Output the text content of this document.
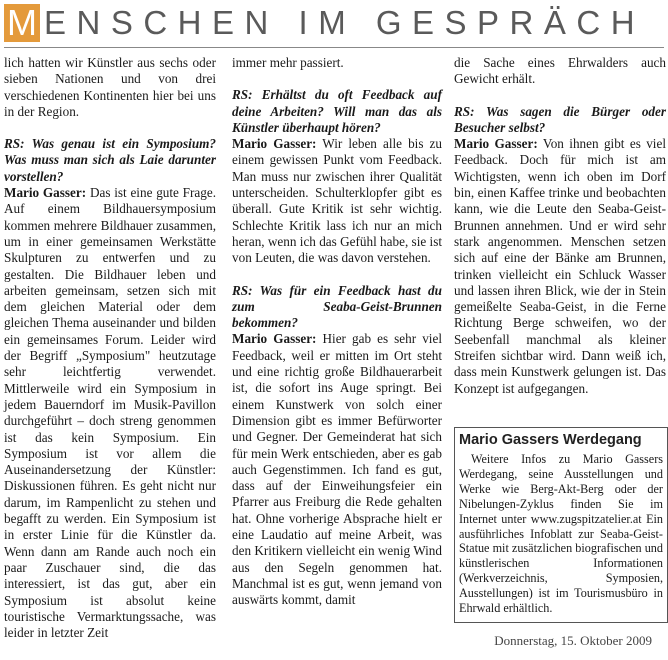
M ENSCHEN IM GESPRÄCH

lich hatten wir Künstler aus sechs oder sieben Nationen und von drei verschiedenen Kontinenten hier bei uns in der Region.

RS: Was genau ist ein Symposium? Was muss man sich als Laie darunter vorstellen?

Mario Gasser: Das ist eine gute Frage. Auf einem Bildhauersymposium kommen mehrere Bildhauer zusammen, um in einer gemeinsamen Werkstätte Skulpturen zu entwerfen und zu gestalten. Die Bildhauer leben und arbeiten gemeinsam, setzen sich mit dem gleichen Material oder dem gleichen Thema auseinander und bilden ein gemeinsames Forum. Leider wird der Begriff „Symposium" heutzutage sehr leichtfertig verwendet. Mittlerweile wird ein Symposium in jedem Bauerndorf im Musik-Pavillon durchgeführt – doch streng genommen ist das kein Symposium. Ein Symposium ist vor allem die Auseinandersetzung der Künstler: Diskussionen führen. Es geht nicht nur darum, im Rampenlicht zu stehen und begafft zu werden. Ein Symposium ist in erster Linie für die Künstler da. Wenn dann am Rande auch noch ein paar Zuschauer sind, die das interessiert, ist das gut, aber ein Symposium ist absolut keine touristische Vermarktungssache, was leider in letzter Zeit

immer mehr passiert.

RS: Erhältst du oft Feedback auf deine Arbeiten? Will man das als Künstler überhaupt hören?

Mario Gasser: Wir leben alle bis zu einem gewissen Punkt vom Feedback. Man muss nur zwischen ihrer Qualität unterscheiden. Schulterklopfer gibt es überall. Gute Kritik ist sehr wichtig. Schlechte Kritik lass ich nur an mich heran, wenn ich das Gefühl habe, sie ist von Leuten, die was davon verstehen.

RS: Was für ein Feedback hast du zum Seaba-Geist-Brunnen bekommen?

Mario Gasser: Hier gab es sehr viel Feedback, weil er mitten im Ort steht und eine richtig große Bildhauerarbeit ist, die sofort ins Auge springt. Bei einem Kunstwerk von solch einer Dimension gibt es immer Befürworter und Gegner. Der Gemeinderat hat sich für mein Werk entschieden, aber es gab auch Gegenstimmen. Ich fand es gut, dass auf der Einweihungsfeier ein Pfarrer aus Freiburg die Rede gehalten hat. Ohne vorherige Absprache hielt er eine Laudatio auf meine Arbeit, was den Kritikern vielleicht ein wenig Wind aus den Segeln genommen hat. Manchmal ist es gut, wenn jemand von auswärts kommt, damit

die Sache eines Ehrwalders auch Gewicht erhält.

RS: Was sagen die Bürger oder Besucher selbst?

Mario Gasser: Von ihnen gibt es viel Feedback. Doch für mich ist am Wichtigsten, wenn ich oben im Dorf bin, einen Kaffee trinke und beobachten kann, wie die Leute den Seaba-Geist-Brunnen annehmen. Und er wird sehr stark angenommen. Menschen setzen sich auf eine der Bänke am Brunnen, trinken vielleicht ein Schluck Wasser und lassen ihren Blick, wie der in Stein gemeißelte Seaba-Geist, in die Ferne Richtung Berge schweifen, wo der Seebenfall manchmal als kleiner Streifen sichtbar wird. Dann weiß ich, dass mein Kunstwerk gelungen ist. Das Konzept ist aufgegangen.

Mario Gassers Werdegang

Weitere Infos zu Mario Gassers Werdegang, seine Ausstellungen und Werke wie Berg-Akt-Berg oder der Nibelungen-Zyklus finden Sie im Internet unter www.zugspitzatelier.at Ein ausführliches Infoblatt zur Seaba-Geist-Statue mit zusätzlichen biografischen und künstlerischen Informationen (Werkverzeichnis, Symposien, Ausstellungen) ist im Tourismusbüro in Ehrwald erhältlich.

Donnerstag, 15. Oktober 2009
